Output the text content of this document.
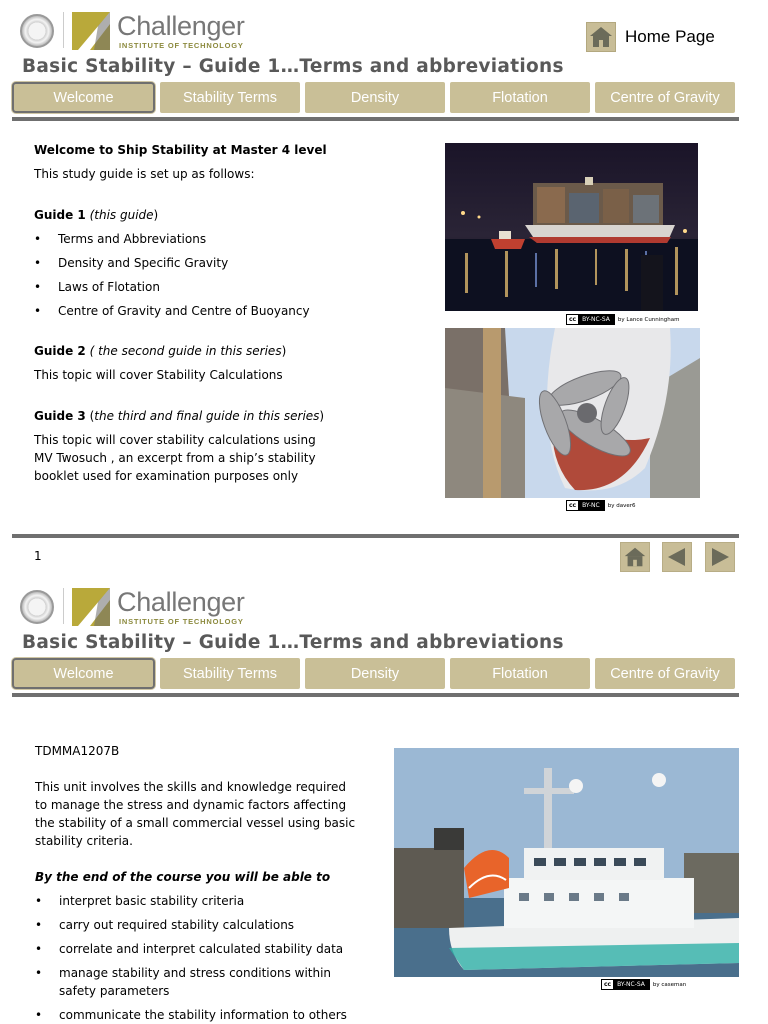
Challenger
INSTITUTE OF TECHNOLOGY	Home Page
Basic Stability – Guide 1…Terms and abbreviations
Welcome	Stability Terms	Density	Flotation	Centre of Gravity
Welcome to Ship Stability at Master 4 level
This study guide is set up as follows:
Guide 1 (this guide)
• Terms and Abbreviations
• Density and Specific Gravity
• Laws of Flotation
• Centre of Gravity and Centre of Buoyancy
Guide 2 ( the second guide in this series)
This topic will cover Stability Calculations
Guide 3 (the third and final guide in this series)
This topic will cover stability calculations using
MV Twosuch , an excerpt from a ship’s stability
booklet used for examination purposes only
cc	BY-NC-SA	by Lance Cunningham
cc	BY-NC	by daver6
1
Challenger
INSTITUTE OF TECHNOLOGY
Basic Stability – Guide 1…Terms and abbreviations
Welcome	Stability Terms	Density	Flotation	Centre of Gravity
TDMMA1207B
This unit involves the skills and knowledge required
to manage the stress and dynamic factors affecting
the stability of a small commercial vessel using basic
stability criteria.
By the end of the course you will be able to
• interpret basic stability criteria
• carry out required stability calculations
• correlate and interpret calculated stability data
• manage stability and stress conditions within safety parameters
• communicate the stability information to others
cc	BY-NC-SA	by caseman
